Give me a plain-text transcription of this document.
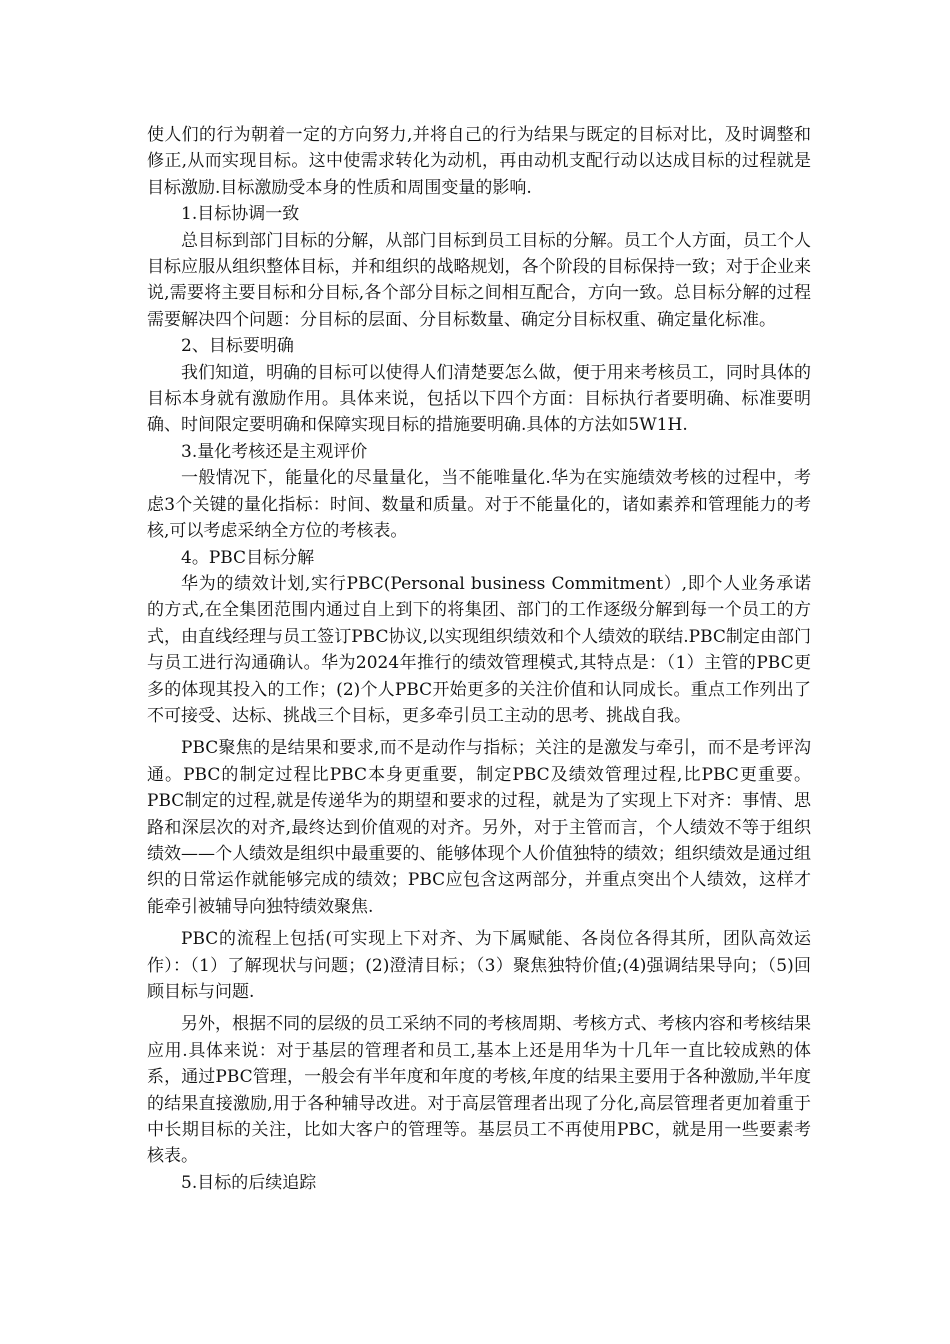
使人们的行为朝着一定的方向努力,并将自己的行为结果与既定的目标对比，及时调整和修正,从而实现目标。这中使需求转化为动机，再由动机支配行动以达成目标的过程就是目标激励.目标激励受本身的性质和周围变量的影响.

1.目标协调一致

总目标到部门目标的分解，从部门目标到员工目标的分解。员工个人方面，员工个人目标应服从组织整体目标，并和组织的战略规划，各个阶段的目标保持一致；对于企业来说,需要将主要目标和分目标,各个部分目标之间相互配合，方向一致。总目标分解的过程需要解决四个问题：分目标的层面、分目标数量、确定分目标权重、确定量化标准。

2、目标要明确

我们知道，明确的目标可以使得人们清楚要怎么做，便于用来考核员工，同时具体的目标本身就有激励作用。具体来说，包括以下四个方面：目标执行者要明确、标准要明确、时间限定要明确和保障实现目标的措施要明确.具体的方法如5W1H.

3.量化考核还是主观评价

一般情况下，能量化的尽量量化，当不能唯量化.华为在实施绩效考核的过程中，考虑3个关键的量化指标：时间、数量和质量。对于不能量化的，诸如素养和管理能力的考核,可以考虑采纳全方位的考核表。

4。PBC目标分解

华为的绩效计划,实行PBC(Personal business Commitment）,即个人业务承诺的方式,在全集团范围内通过自上到下的将集团、部门的工作逐级分解到每一个员工的方式，由直线经理与员工签订PBC协议,以实现组织绩效和个人绩效的联结.PBC制定由部门与员工进行沟通确认。华为2024年推行的绩效管理模式,其特点是：（1）主管的PBC更多的体现其投入的工作；(2)个人PBC开始更多的关注价值和认同成长。重点工作列出了不可接受、达标、挑战三个目标，更多牵引员工主动的思考、挑战自我。

PBC聚焦的是结果和要求,而不是动作与指标；关注的是激发与牵引，而不是考评沟通。PBC的制定过程比PBC本身更重要，制定PBC及绩效管理过程,比PBC更重要。PBC制定的过程,就是传递华为的期望和要求的过程，就是为了实现上下对齐：事情、思路和深层次的对齐,最终达到价值观的对齐。另外，对于主管而言，个人绩效不等于组织绩效——个人绩效是组织中最重要的、能够体现个人价值独特的绩效；组织绩效是通过组织的日常运作就能够完成的绩效；PBC应包含这两部分，并重点突出个人绩效，这样才能牵引被辅导向独特绩效聚焦.

PBC的流程上包括(可实现上下对齐、为下属赋能、各岗位各得其所，团队高效运作）：（1）了解现状与问题；(2)澄清目标；（3）聚焦独特价值;(4)强调结果导向；（5)回顾目标与问题.

另外，根据不同的层级的员工采纳不同的考核周期、考核方式、考核内容和考核结果应用.具体来说：对于基层的管理者和员工,基本上还是用华为十几年一直比较成熟的体系，通过PBC管理，一般会有半年度和年度的考核,年度的结果主要用于各种激励,半年度的结果直接激励,用于各种辅导改进。对于高层管理者出现了分化,高层管理者更加着重于中长期目标的关注，比如大客户的管理等。基层员工不再使用PBC，就是用一些要素考核表。

5.目标的后续追踪
